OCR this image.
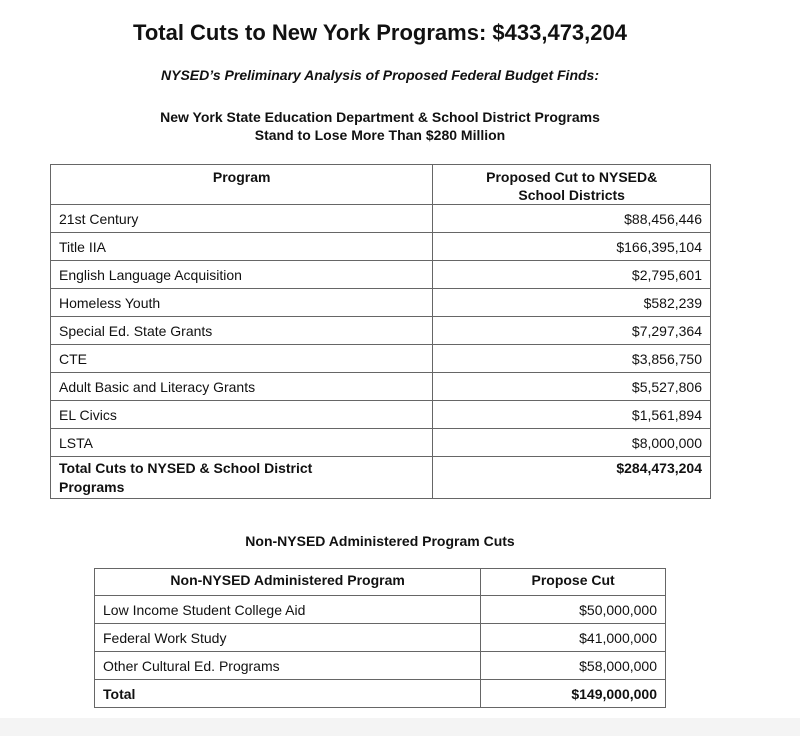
Total Cuts to New York Programs: $433,473,204
NYSED’s Preliminary Analysis of Proposed Federal Budget Finds:
New York State Education Department & School District Programs
Stand to Lose More Than $280 Million
Program	Proposed Cut to NYSED&
School Districts
21st Century	$88,456,446
Title IIA	$166,395,104
English Language Acquisition	$2,795,601
Homeless Youth	$582,239
Special Ed. State Grants	$7,297,364
CTE	$3,856,750
Adult Basic and Literacy Grants	$5,527,806
EL Civics	$1,561,894
LSTA	$8,000,000
Total Cuts to NYSED & School District
Programs	$284,473,204
Non-NYSED Administered Program Cuts
Non-NYSED Administered Program	Propose Cut
Low Income Student College Aid	$50,000,000
Federal Work Study	$41,000,000
Other Cultural Ed. Programs	$58,000,000
Total	$149,000,000
